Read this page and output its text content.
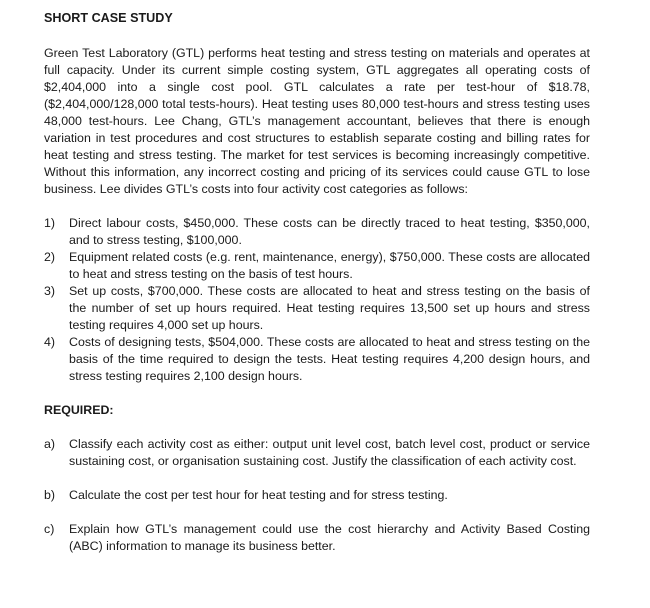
SHORT CASE STUDY

Green Test Laboratory (GTL) performs heat testing and stress testing on materials and operates at full capacity. Under its current simple costing system, GTL aggregates all operating costs of $2,404,000 into a single cost pool. GTL calculates a rate per test-hour of $18.78, ($2,404,000/128,000 total tests-hours). Heat testing uses 80,000 test-hours and stress testing uses 48,000 test-hours. Lee Chang, GTL’s management accountant, believes that there is enough variation in test procedures and cost structures to establish separate costing and billing rates for heat testing and stress testing. The market for test services is becoming increasingly competitive. Without this information, any incorrect costing and pricing of its services could cause GTL to lose business. Lee divides GTL’s costs into four activity cost categories as follows:

1) Direct labour costs, $450,000. These costs can be directly traced to heat testing, $350,000, and to stress testing, $100,000.
2) Equipment related costs (e.g. rent, maintenance, energy), $750,000. These costs are allocated to heat and stress testing on the basis of test hours.
3) Set up costs, $700,000. These costs are allocated to heat and stress testing on the basis of the number of set up hours required. Heat testing requires 13,500 set up hours and stress testing requires 4,000 set up hours.
4) Costs of designing tests, $504,000. These costs are allocated to heat and stress testing on the basis of the time required to design the tests. Heat testing requires 4,200 design hours, and stress testing requires 2,100 design hours.

REQUIRED:

a) Classify each activity cost as either: output unit level cost, batch level cost, product or service sustaining cost, or organisation sustaining cost. Justify the classification of each activity cost.
b) Calculate the cost per test hour for heat testing and for stress testing.
c) Explain how GTL’s management could use the cost hierarchy and Activity Based Costing (ABC) information to manage its business better.
